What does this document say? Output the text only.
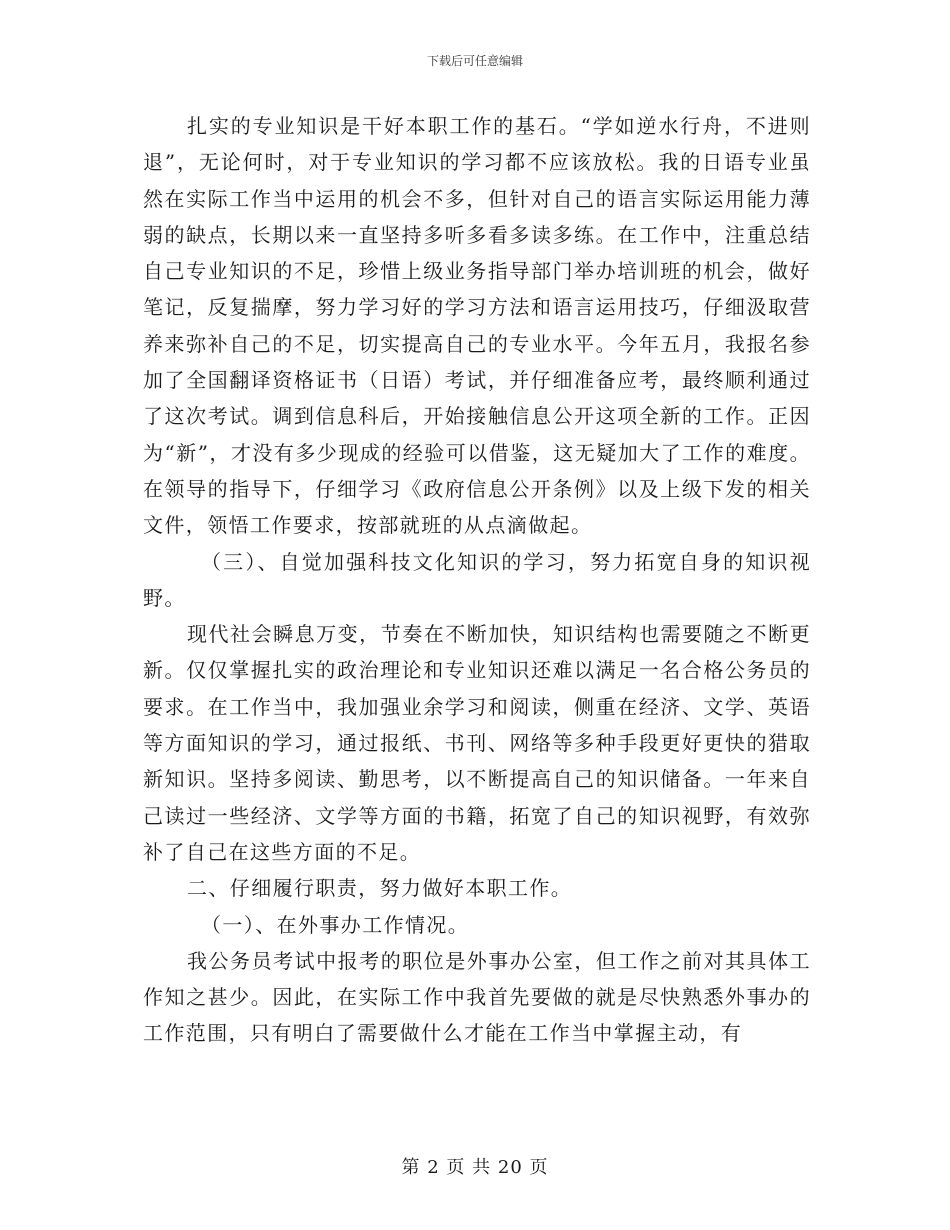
下载后可任意编辑

扎实的专业知识是干好本职工作的基石。“学如逆水行舟，不进则退”，无论何时，对于专业知识的学习都不应该放松。我的日语专业虽然在实际工作当中运用的机会不多，但针对自己的语言实际运用能力薄弱的缺点，长期以来一直坚持多听多看多读多练。在工作中，注重总结自己专业知识的不足，珍惜上级业务指导部门举办培训班的机会，做好笔记，反复揣摩，努力学习好的学习方法和语言运用技巧，仔细汲取营养来弥补自己的不足，切实提高自己的专业水平。今年五月，我报名参加了全国翻译资格证书（日语）考试，并仔细准备应考，最终顺利通过了这次考试。调到信息科后，开始接触信息公开这项全新的工作。正因为“新”，才没有多少现成的经验可以借鉴，这无疑加大了工作的难度。在领导的指导下，仔细学习《政府信息公开条例》以及上级下发的相关文件，领悟工作要求，按部就班的从点滴做起。

（三）、自觉加强科技文化知识的学习，努力拓宽自身的知识视野。

现代社会瞬息万变，节奏在不断加快，知识结构也需要随之不断更新。仅仅掌握扎实的政治理论和专业知识还难以满足一名合格公务员的要求。在工作当中，我加强业余学习和阅读，侧重在经济、文学、英语等方面知识的学习，通过报纸、书刊、网络等多种手段更好更快的猎取新知识。坚持多阅读、勤思考，以不断提高自己的知识储备。一年来自己读过一些经济、文学等方面的书籍，拓宽了自己的知识视野，有效弥补了自己在这些方面的不足。

二、仔细履行职责，努力做好本职工作。

（一）、在外事办工作情况。

我公务员考试中报考的职位是外事办公室，但工作之前对其具体工作知之甚少。因此，在实际工作中我首先要做的就是尽快熟悉外事办的工作范围，只有明白了需要做什么才能在工作当中掌握主动，有

第 2 页 共 20 页
